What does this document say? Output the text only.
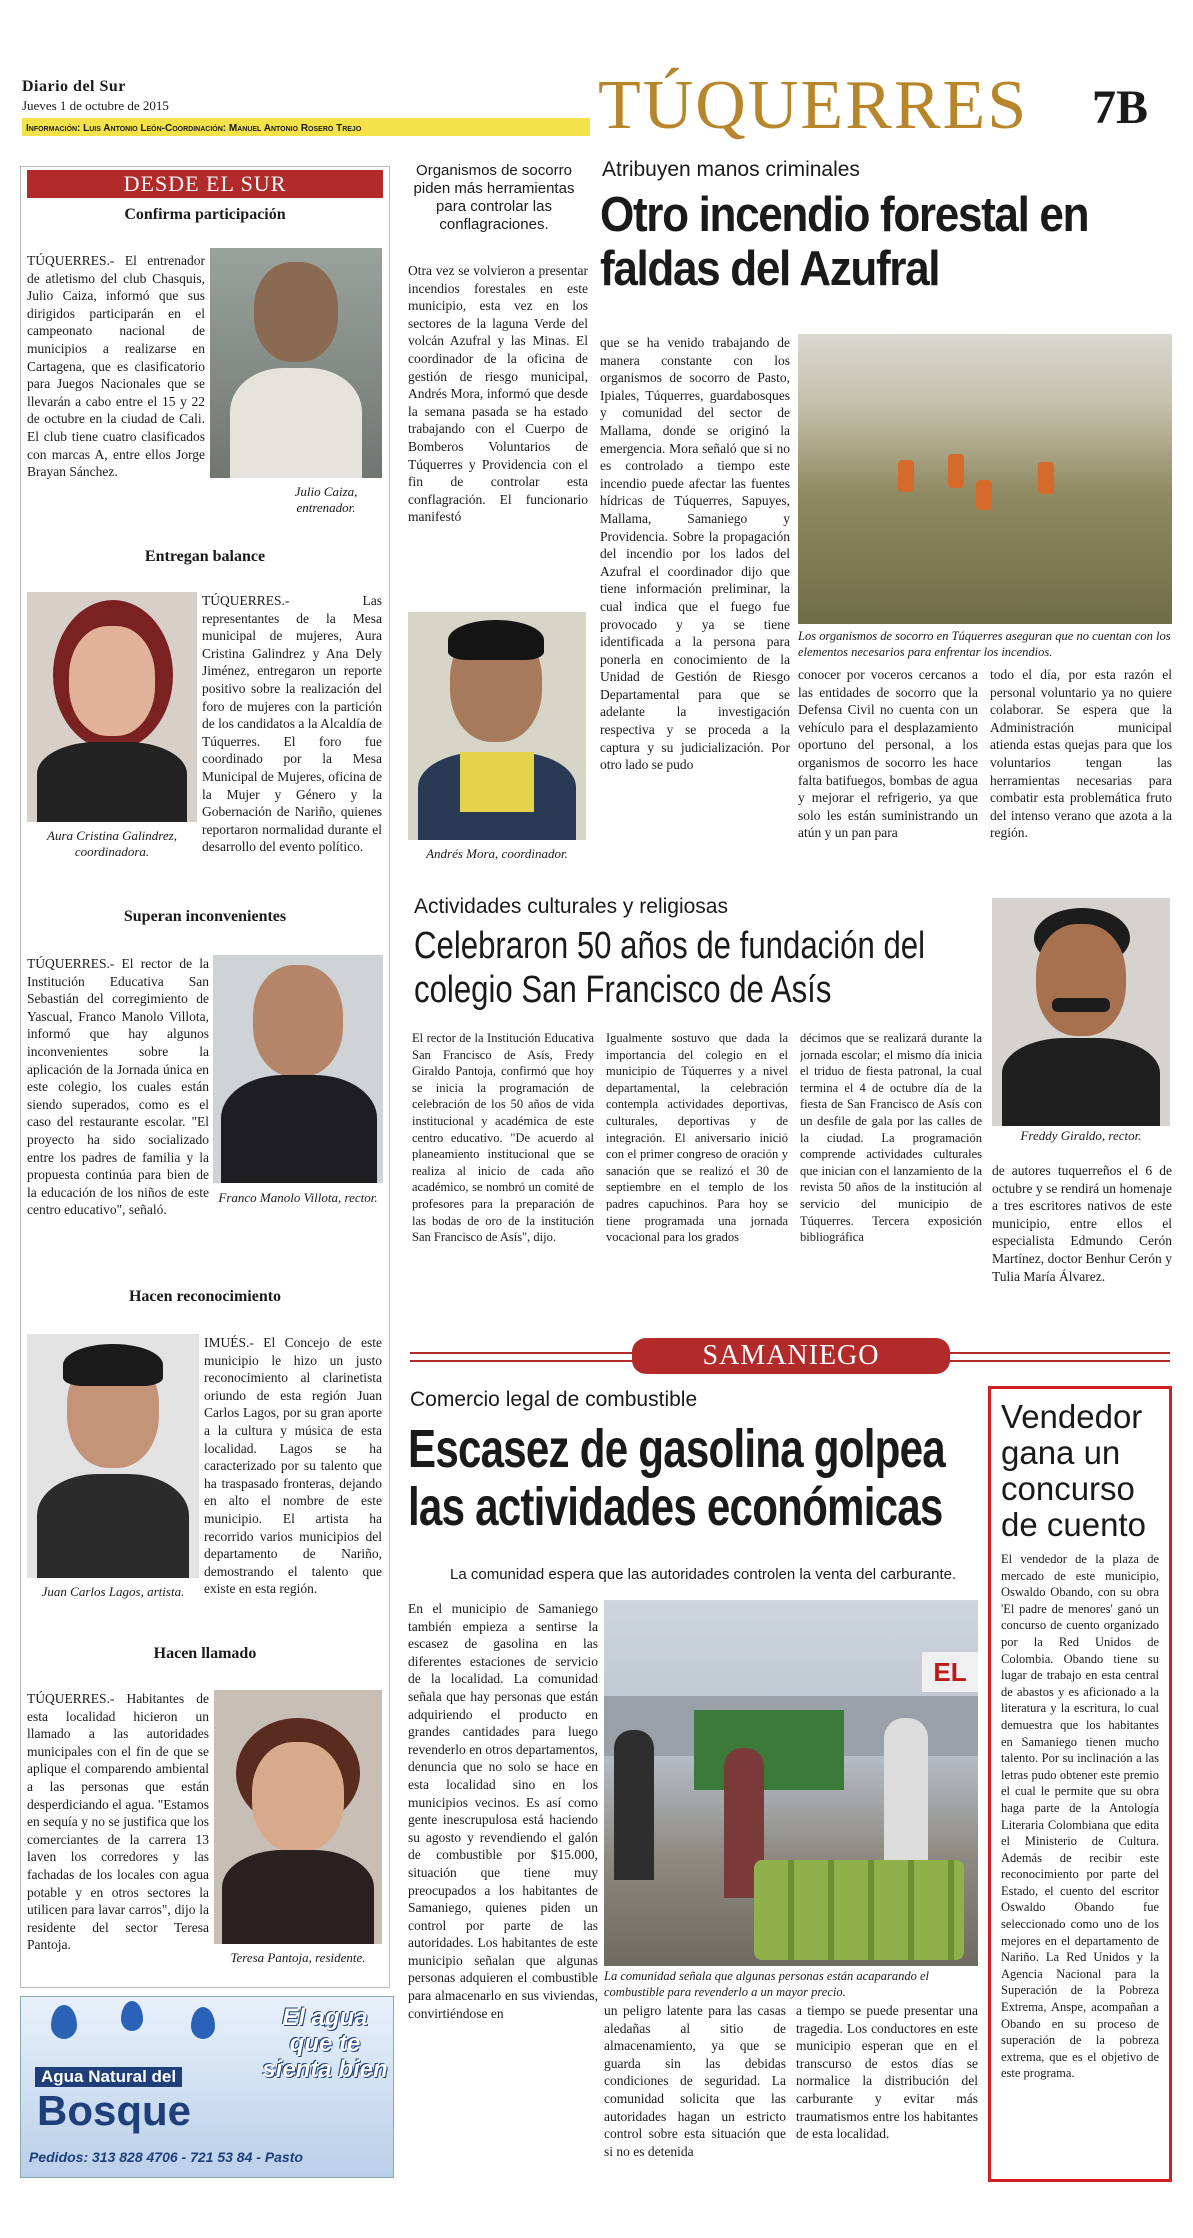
Diario del Sur
Jueves 1 de octubre de 2015
Información: Luis Antonio León-Coordinación: Manuel Antonio Rosero Trejo	TÚQUERRES 7B
DESDE EL SUR
Confirma participación
TÚQUERRES.- El entrenador de atletismo del club Chasquis, Julio Caiza, informó que sus dirigidos participarán en el campeonato nacional de municipios a realizarse en Cartagena, que es clasificatorio para Juegos Nacionales que se llevarán a cabo entre el 15 y 22 de octubre en la ciudad de Cali. El club tiene cuatro clasificados con marcas A, entre ellos Jorge Brayan Sánchez.
Julio Caiza, entrenador.
Entregan balance
TÚQUERRES.- Las representantes de la Mesa municipal de mujeres, Aura Cristina Galindrez y Ana Dely Jiménez, entregaron un reporte positivo sobre la realización del foro de mujeres con la partición de los candidatos a la Alcaldía de Túquerres. El foro fue coordinado por la Mesa Municipal de Mujeres, oficina de la Mujer y Género y la Gobernación de Nariño, quienes reportaron normalidad durante el desarrollo del evento político.
Aura Cristina Galindrez, coordinadora.
Superan inconvenientes
TÚQUERRES.- El rector de la Institución Educativa San Sebastián del corregimiento de Yascual, Franco Manolo Villota, informó que hay algunos inconvenientes sobre la aplicación de la Jornada única en este colegio, los cuales están siendo superados, como es el caso del restaurante escolar. "El proyecto ha sido socializado entre los padres de familia y la propuesta continúa para bien de la educación de los niños de este centro educativo", señaló.
Franco Manolo Villota, rector.
Hacen reconocimiento
IMUÉS.- El Concejo de este municipio le hizo un justo reconocimiento al clarinetista oriundo de esta región Juan Carlos Lagos, por su gran aporte a la cultura y música de esta localidad. Lagos se ha caracterizado por su talento que ha traspasado fronteras, dejando en alto el nombre de este municipio. El artista ha recorrido varios municipios del departamento de Nariño, demostrando el talento que existe en esta región.
Juan Carlos Lagos, artista.
Hacen llamado
TÚQUERRES.- Habitantes de esta localidad hicieron un llamado a las autoridades municipales con el fin de que se aplique el comparendo ambiental a las personas que están desperdiciando el agua. "Estamos en sequía y no se justifica que los comerciantes de la carrera 13 laven los corredores y las fachadas de los locales con agua potable y en otros sectores la utilicen para lavar carros", dijo la residente del sector Teresa Pantoja.
Teresa Pantoja, residente.
Agua Natural del
Bosque
El agua que te sienta bien
Pedidos: 313 828 4706 - 721 53 84 - Pasto
Organismos de socorro piden más herramientas para controlar las conflagraciones.
Atribuyen manos criminales
Otro incendio forestal en faldas del Azufral
Otra vez se volvieron a presentar incendios forestales en este municipio, esta vez en los sectores de la laguna Verde del volcán Azufral y las Minas. El coordinador de la oficina de gestión de riesgo municipal, Andrés Mora, informó que desde la semana pasada se ha estado trabajando con el Cuerpo de Bomberos Voluntarios de Túquerres y Providencia con el fin de controlar esta conflagración. El funcionario manifestó
Andrés Mora, coordinador.
que se ha venido trabajando de manera constante con los organismos de socorro de Pasto, Ipiales, Túquerres, guardabosques y comunidad del sector de Mallama, donde se originó la emergencia. Mora señaló que si no es controlado a tiempo este incendio puede afectar las fuentes hídricas de Túquerres, Sapuyes, Mallama, Samaniego y Providencia. Sobre la propagación del incendio por los lados del Azufral el coordinador dijo que tiene información preliminar, la cual indica que el fuego fue provocado y ya se tiene identificada a la persona para ponerla en conocimiento de la Unidad de Gestión de Riesgo Departamental para que se adelante la investigación respectiva y se proceda a la captura y su judicialización. Por otro lado se pudo
Los organismos de socorro en Túquerres aseguran que no cuentan con los elementos necesarios para enfrentar los incendios.
conocer por voceros cercanos a las entidades de socorro que la Defensa Civil no cuenta con un vehículo para el desplazamiento oportuno del personal, a los organismos de socorro les hace falta batifuegos, bombas de agua y mejorar el refrigerio, ya que solo les están suministrando un atún y un pan para
todo el día, por esta razón el personal voluntario ya no quiere colaborar. Se espera que la Administración municipal atienda estas quejas para que los voluntarios tengan las herramientas necesarias para combatir esta problemática fruto del intenso verano que azota a la región.
Actividades culturales y religiosas
Celebraron 50 años de fundación del colegio San Francisco de Asís
Freddy Giraldo, rector.
El rector de la Institución Educativa San Francisco de Asís, Fredy Giraldo Pantoja, confirmó que hoy se inicia la programación de celebración de los 50 años de vida institucional y académica de este centro educativo. "De acuerdo al planeamiento institucional que se realiza al inicio de cada año académico, se nombró un comité de profesores para la preparación de las bodas de oro de la institución San Francisco de Asís", dijo.
Igualmente sostuvo que dada la importancia del colegio en el municipio de Túquerres y a nivel departamental, la celebración contempla actividades deportivas, culturales, deportivas y de integración. El aniversario inició con el primer congreso de oración y sanación que se realizó el 30 de septiembre en el templo de los padres capuchinos. Para hoy se tiene programada una jornada vocacional para los grados
décimos que se realizará durante la jornada escolar; el mismo día inicia el triduo de fiesta patronal, la cual termina el 4 de octubre día de la fiesta de San Francisco de Asís con un desfile de gala por las calles de la ciudad. La programación comprende actividades culturales que inician con el lanzamiento de la revista 50 años de la institución al servicio del municipio de Túquerres. Tercera exposición bibliográfica
de autores tuquerreños el 6 de octubre y se rendirá un homenaje a tres escritores nativos de este municipio, entre ellos el especialista Edmundo Cerón Martínez, doctor Benhur Cerón y Tulia María Álvarez.
SAMANIEGO
Comercio legal de combustible
Escasez de gasolina golpea las actividades económicas
La comunidad espera que las autoridades controlen la venta del carburante.
En el municipio de Samaniego también empieza a sentirse la escasez de gasolina en las diferentes estaciones de servicio de la localidad. La comunidad señala que hay personas que están adquiriendo el producto en grandes cantidades para luego revenderlo en otros departamentos, denuncia que no solo se hace en esta localidad sino en los municipios vecinos. Es así como gente inescrupulosa está haciendo su agosto y revendiendo el galón de combustible por $15.000, situación que tiene muy preocupados a los habitantes de Samaniego, quienes piden un control por parte de las autoridades. Los habitantes de este municipio señalan que algunas personas adquieren el combustible para almacenarlo en sus viviendas, convirtiéndose en
EL
La comunidad señala que algunas personas están acaparando el combustible para revenderlo a un mayor precio.
un peligro latente para las casas aledañas al sitio de almacenamiento, ya que se guarda sin las debidas condiciones de seguridad. La comunidad solicita que las autoridades hagan un estricto control sobre esta situación que si no es detenida
a tiempo se puede presentar una tragedia. Los conductores en este municipio esperan que en el transcurso de estos días se normalice la distribución del carburante y evitar más traumatismos entre los habitantes de esta localidad.
Vendedor gana un concurso de cuento
El vendedor de la plaza de mercado de este municipio, Oswaldo Obando, con su obra 'El padre de menores' ganó un concurso de cuento organizado por la Red Unidos de Colombia. Obando tiene su lugar de trabajo en esta central de abastos y es aficionado a la literatura y la escritura, lo cual demuestra que los habitantes en Samaniego tienen mucho talento. Por su inclinación a las letras pudo obtener este premio el cual le permite que su obra haga parte de la Antología Literaria Colombiana que edita el Ministerio de Cultura. Además de recibir este reconocimiento por parte del Estado, el cuento del escritor Oswaldo Obando fue seleccionado como uno de los mejores en el departamento de Nariño. La Red Unidos y la Agencia Nacional para la Superación de la Pobreza Extrema, Anspe, acompañan a Obando en su proceso de superación de la pobreza extrema, que es el objetivo de este programa.
